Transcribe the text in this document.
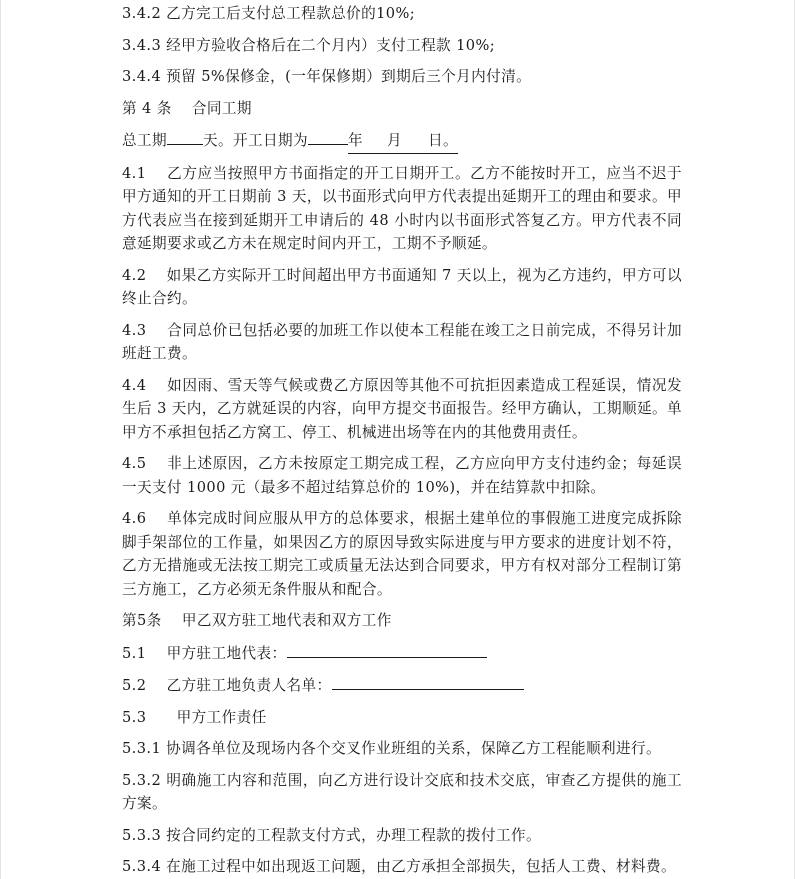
3.4.2 乙方完工后支付总工程款总价的10%;

3.4.3 经甲方验收合格后在二个月内）支付工程款 10%;

3.4.4 预留 5%保修金，(一年保修期）到期后三个月内付清。

第 4 条    合同工期

总工期 天。开工日期为	年 月 日。

4.1    乙方应当按照甲方书面指定的开工日期开工。乙方不能按时开工，应当不迟于甲方通知的开工日期前 3 天，以书面形式向甲方代表提出延期开工的理由和要求。甲方代表应当在接到延期开工申请后的 48 小时内以书面形式答复乙方。甲方代表不同意延期要求或乙方未在规定时间内开工，工期不予顺延。

4.2    如果乙方实际开工时间超出甲方书面通知 7 天以上，视为乙方违约，甲方可以终止合约。

4.3    合同总价已包括必要的加班工作以使本工程能在竣工之日前完成，不得另计加班赶工费。

4.4    如因雨、雪天等气候或费乙方原因等其他不可抗拒因素造成工程延误，情况发生后 3 天内，乙方就延误的内容，向甲方提交书面报告。经甲方确认，工期顺延。单甲方不承担包括乙方窝工、停工、机械进出场等在内的其他费用责任。

4.5    非上述原因，乙方未按原定工期完成工程，乙方应向甲方支付违约金；每延误一天支付 1000 元（最多不超过结算总价的 10%)，并在结算款中扣除。

4.6    单体完成时间应服从甲方的总体要求，根据土建单位的事假施工进度完成拆除脚手架部位的工作量，如果因乙方的原因导致实际进度与甲方要求的进度计划不符，乙方无措施或无法按工期完工或质量无法达到合同要求，甲方有权对部分工程制订第三方施工，乙方必须无条件服从和配合。

第5条    甲乙双方驻工地代表和双方工作

5.1    甲方驻工地代表：

5.2    乙方驻工地负责人名单：

5.3      甲方工作责任

5.3.1 协调各单位及现场内各个交叉作业班组的关系，保障乙方工程能顺利进行。

5.3.2 明确施工内容和范围，向乙方进行设计交底和技术交底，审查乙方提供的施工方案。

5.3.3 按合同约定的工程款支付方式，办理工程款的拨付工作。

5.3.4 在施工过程中如出现返工问题，由乙方承担全部损失，包括人工费、材料费。
